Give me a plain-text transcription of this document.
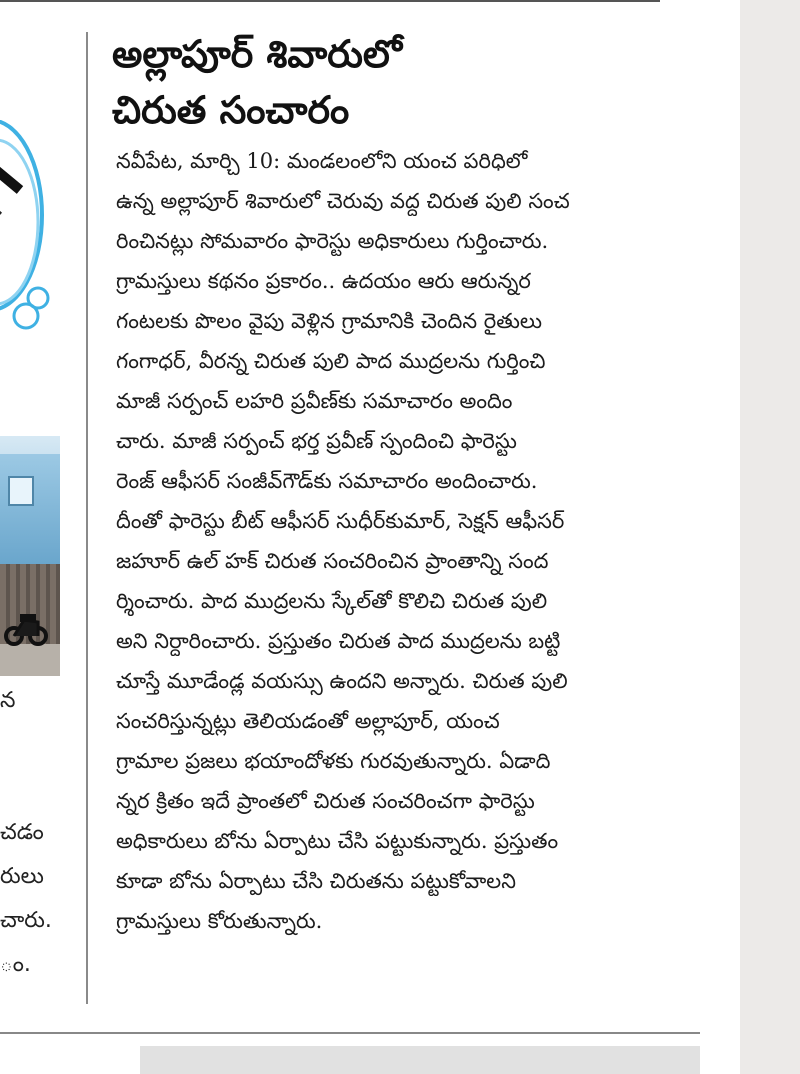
న
చడం
రులు
చారు.
ం.
అల్లాపూర్ శివారులో
చిరుత సంచారం
నవీపేట, మార్చి 10: మండలంలోని యంచ పరిధిలో
ఉన్న అల్లాపూర్ శివారులో చెరువు వద్ద చిరుత పులి సంచ
రించినట్లు సోమవారం ఫారెస్టు అధికారులు గుర్తించారు.
గ్రామస్తులు కథనం ప్రకారం.. ఉదయం ఆరు ఆరున్నర
గంటలకు పొలం వైపు వెళ్లిన గ్రామానికి చెందిన రైతులు
గంగాధర్, వీరన్న చిరుత పులి పాద ముద్రలను గుర్తించి
మాజీ సర్పంచ్ లహరి ప్రవీణ్‌కు సమాచారం అందిం
చారు. మాజీ సర్పంచ్ భర్త ప్రవీణ్ స్పందించి ఫారెస్టు
రెంజ్ ఆఫీసర్ సంజీవ్‌గౌడ్‌కు సమాచారం అందించారు.
దీంతో ఫారెస్టు బీట్ ఆఫీసర్ సుధీర్‌కుమార్, సెక్షన్ ఆఫీసర్
జహూర్ ఉల్ హక్ చిరుత సంచరించిన ప్రాంతాన్ని సంద
ర్శించారు. పాద ముద్రలను స్కేల్‌తో కొలిచి చిరుత పులి
అని నిర్ధారించారు. ప్రస్తుతం చిరుత పాద ముద్రలను బట్టి
చూస్తే మూడేండ్ల వయస్సు ఉందని అన్నారు. చిరుత పులి
సంచరిస్తున్నట్లు తెలియడంతో అల్లాపూర్, యంచ
గ్రామాల ప్రజలు భయాందోళకు గురవుతున్నారు. ఏడాది
న్నర క్రితం ఇదే ప్రాంతలో చిరుత సంచరించగా ఫారెస్టు
అధికారులు బోను ఏర్పాటు చేసి పట్టుకున్నారు. ప్రస్తుతం
కూడా బోను ఏర్పాటు చేసి చిరుతను పట్టుకోవాలని
గ్రామస్తులు కోరుతున్నారు.
